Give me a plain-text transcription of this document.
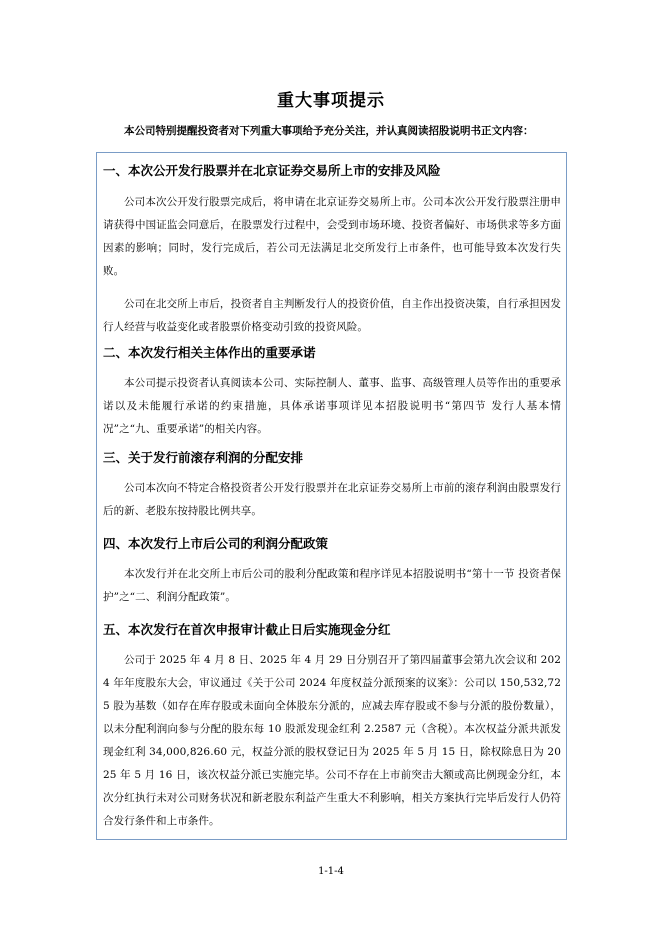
重大事项提示
本公司特别提醒投资者对下列重大事项给予充分关注，并认真阅读招股说明书正文内容：
一、本次公开发行股票并在北京证券交易所上市的安排及风险

公司本次公开发行股票完成后，将申请在北京证券交易所上市。公司本次公开发行股票注册申请获得中国证监会同意后，在股票发行过程中，会受到市场环境、投资者偏好、市场供求等多方面因素的影响；同时，发行完成后，若公司无法满足北交所发行上市条件，也可能导致本次发行失败。

公司在北交所上市后，投资者自主判断发行人的投资价值，自主作出投资决策，自行承担因发行人经营与收益变化或者股票价格变动引致的投资风险。

二、本次发行相关主体作出的重要承诺

本公司提示投资者认真阅读本公司、实际控制人、董事、监事、高级管理人员等作出的重要承诺以及未能履行承诺的约束措施，具体承诺事项详见本招股说明书“第四节 发行人基本情况”之“九、重要承诺”的相关内容。

三、关于发行前滚存利润的分配安排

公司本次向不特定合格投资者公开发行股票并在北京证券交易所上市前的滚存利润由股票发行后的新、老股东按持股比例共享。

四、本次发行上市后公司的利润分配政策

本次发行并在北交所上市后公司的股利分配政策和程序详见本招股说明书“第十一节 投资者保护”之“二、利润分配政策”。

五、本次发行在首次申报审计截止日后实施现金分红

公司于 2025 年 4 月 8 日、2025 年 4 月 29 日分别召开了第四届董事会第九次会议和 2024 年年度股东大会，审议通过《关于公司 2024 年度权益分派预案的议案》：公司以 150,532,725 股为基数（如存在库存股或未面向全体股东分派的，应减去库存股或不参与分派的股份数量），以未分配利润向参与分配的股东每 10 股派发现金红利 2.2587 元（含税）。本次权益分派共派发现金红利 34,000,826.60 元，权益分派的股权登记日为 2025 年 5 月 15 日，除权除息日为 2025 年 5 月 16 日，该次权益分派已实施完毕。公司不存在上市前突击大额或高比例现金分红，本次分红执行未对公司财务状况和新老股东利益产生重大不利影响，相关方案执行完毕后发行人仍符合发行条件和上市条件。

1-1-4
